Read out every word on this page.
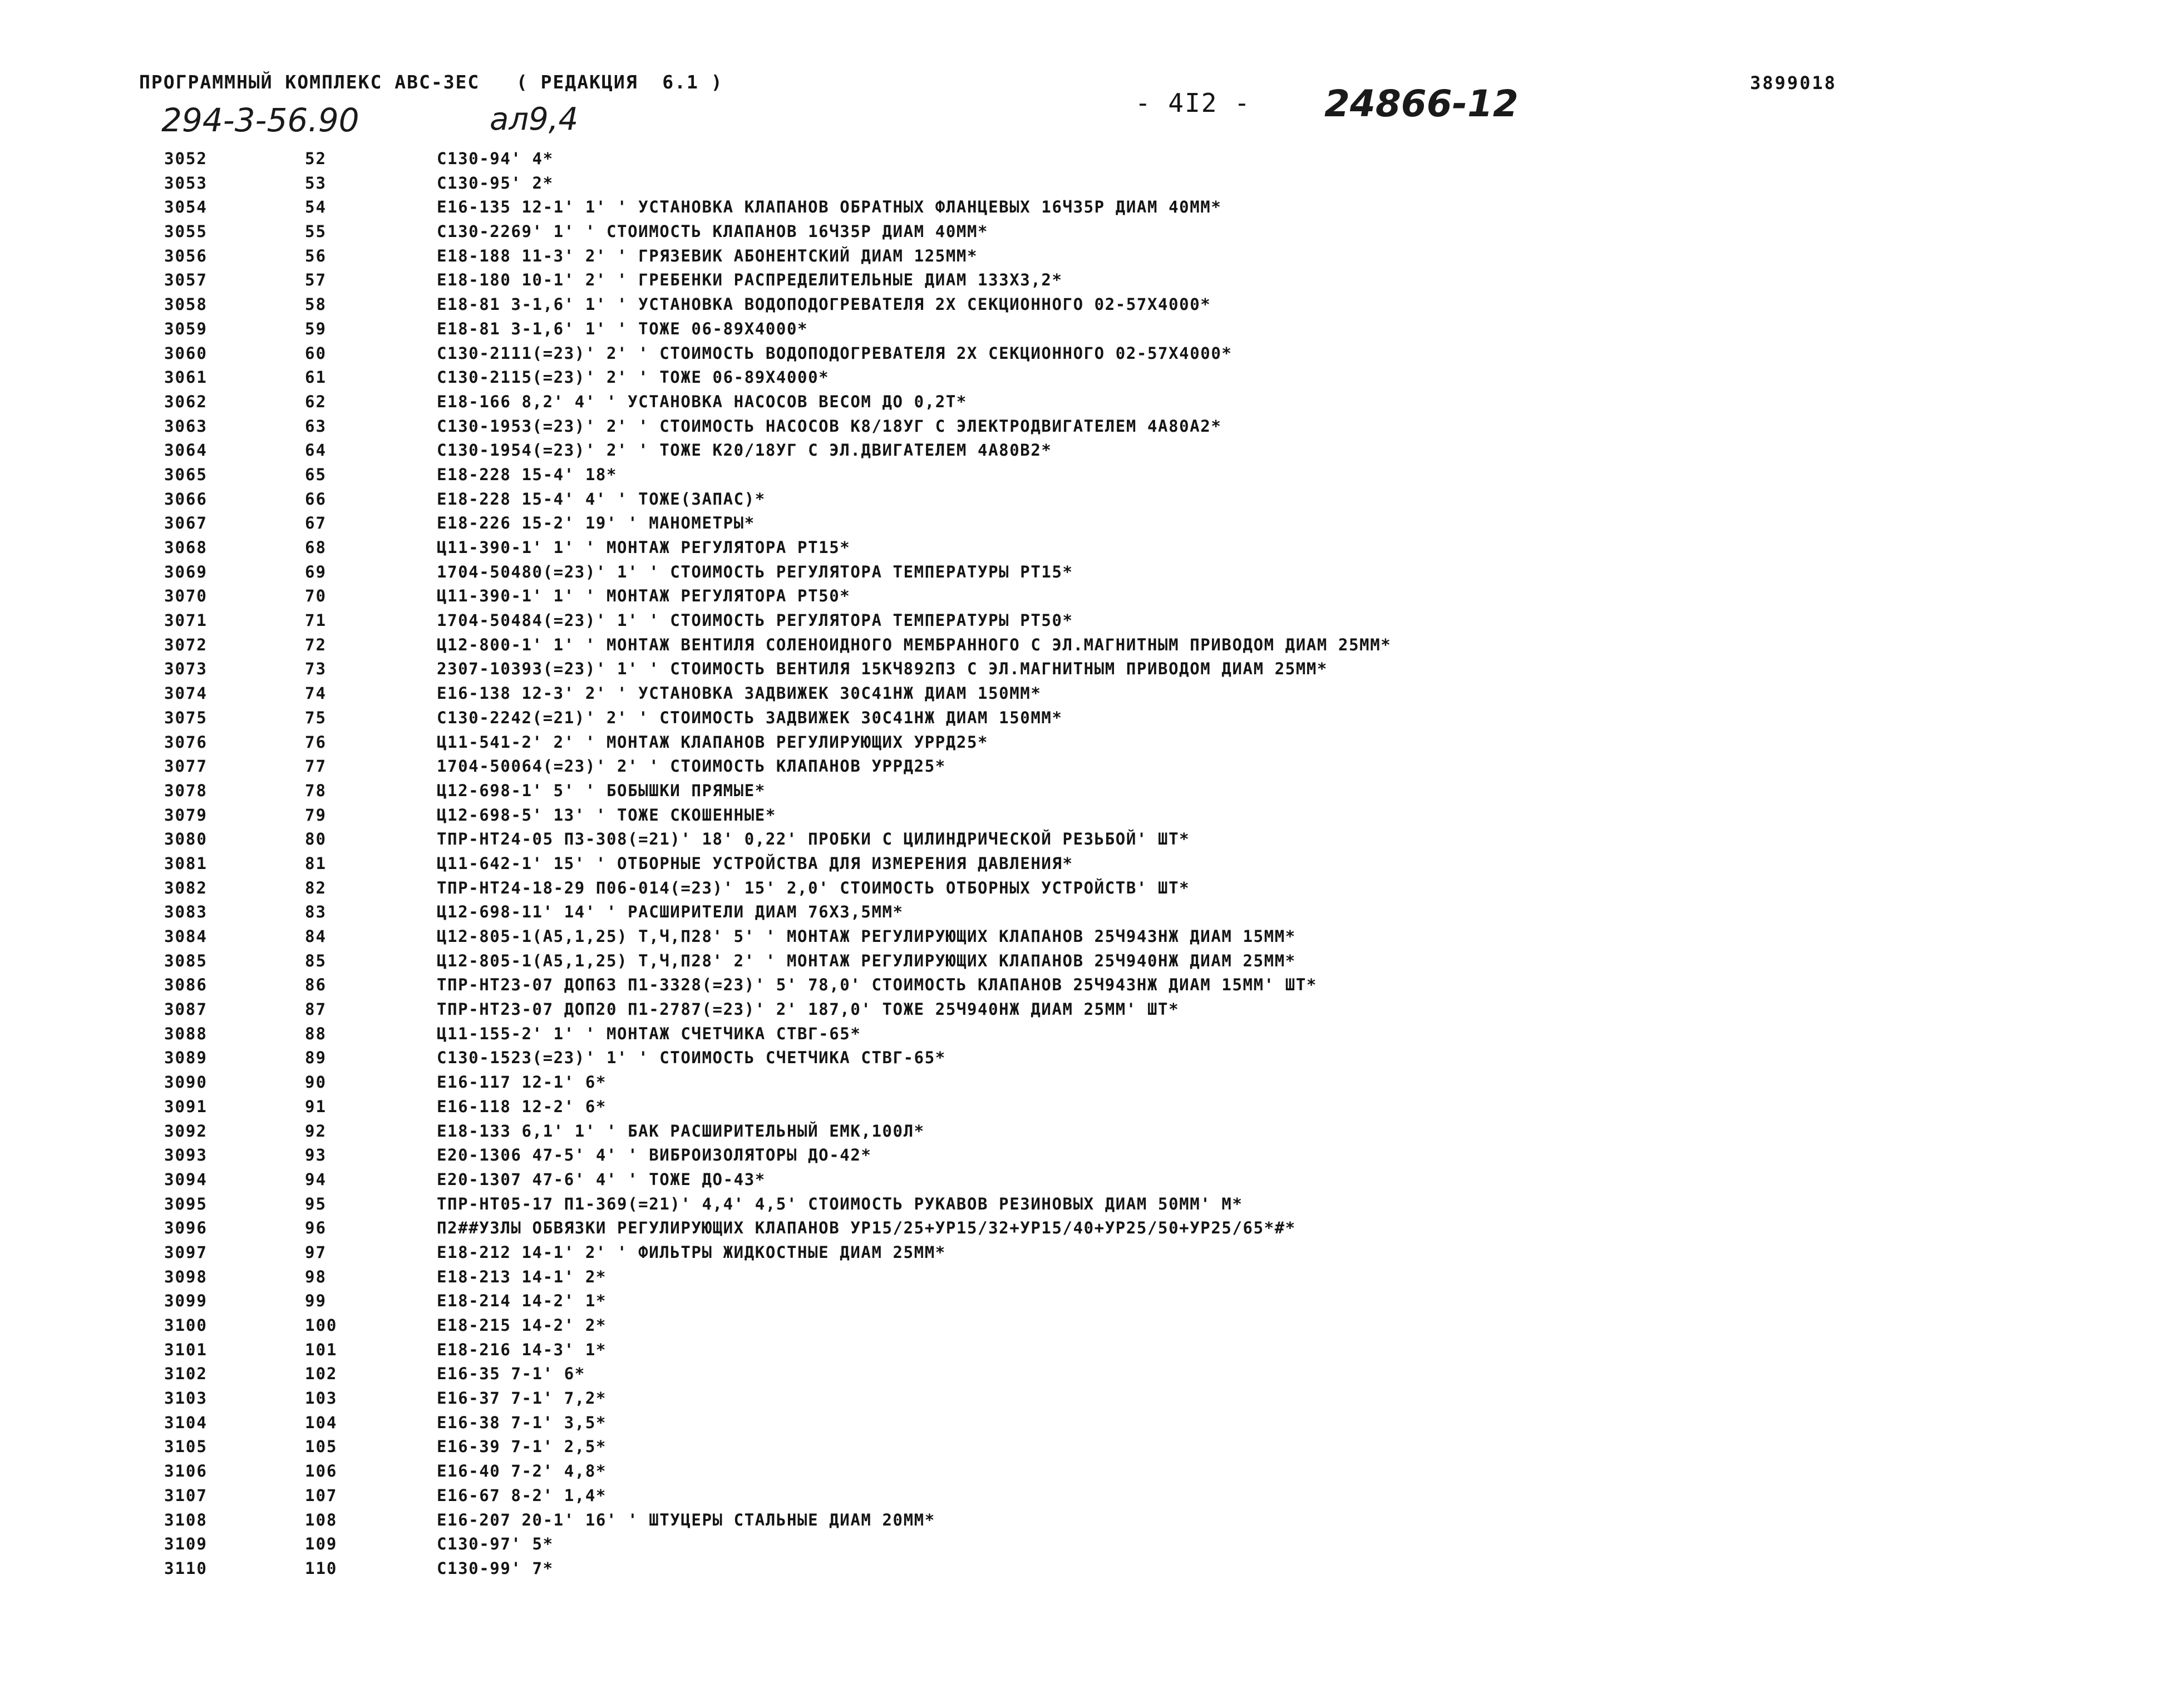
ПРОГРАММНЫЙ КОМПЛЕКС АВС-3ЕС   ( РЕДАКЦИЯ  6.1 )
- 4I2 -
3899018
294-3-56.90	ал9,4	24866-12
3052	52	С130-94' 4*
3053	53	С130-95' 2*
3054	54	Е16-135 12-1' 1' ' УСТАНОВКА КЛАПАНОВ ОБРАТНЫХ ФЛАНЦЕВЫХ 16Ч35Р ДИАМ 40ММ*
3055	55	С130-2269' 1' ' СТОИМОСТЬ КЛАПАНОВ 16Ч35Р ДИАМ 40ММ*
3056	56	Е18-188 11-3' 2' ' ГРЯЗЕВИК АБОНЕНТСКИЙ ДИАМ 125ММ*
3057	57	Е18-180 10-1' 2' ' ГРЕБЕНКИ РАСПРЕДЕЛИТЕЛЬНЫЕ ДИАМ 133Х3,2*
3058	58	Е18-81 3-1,6' 1' ' УСТАНОВКА ВОДОПОДОГРЕВАТЕЛЯ 2Х СЕКЦИОННОГО 02-57Х4000*
3059	59	Е18-81 3-1,6' 1' ' ТОЖЕ 06-89Х4000*
3060	60	С130-2111(=23)' 2' ' СТОИМОСТЬ ВОДОПОДОГРЕВАТЕЛЯ 2Х СЕКЦИОННОГО 02-57Х4000*
3061	61	С130-2115(=23)' 2' ' ТОЖЕ 06-89Х4000*
3062	62	Е18-166 8,2' 4' ' УСТАНОВКА НАСОСОВ ВЕСОМ ДО 0,2Т*
3063	63	С130-1953(=23)' 2' ' СТОИМОСТЬ НАСОСОВ К8/18УГ С ЭЛЕКТРОДВИГАТЕЛЕМ 4А80А2*
3064	64	С130-1954(=23)' 2' ' ТОЖЕ К20/18УГ С ЭЛ.ДВИГАТЕЛЕМ 4А80В2*
3065	65	Е18-228 15-4' 18*
3066	66	Е18-228 15-4' 4' ' ТОЖЕ(ЗАПАС)*
3067	67	Е18-226 15-2' 19' ' МАНОМЕТРЫ*
3068	68	Ц11-390-1' 1' ' МОНТАЖ РЕГУЛЯТОРА РТ15*
3069	69	1704-50480(=23)' 1' ' СТОИМОСТЬ РЕГУЛЯТОРА ТЕМПЕРАТУРЫ РТ15*
3070	70	Ц11-390-1' 1' ' МОНТАЖ РЕГУЛЯТОРА РТ50*
3071	71	1704-50484(=23)' 1' ' СТОИМОСТЬ РЕГУЛЯТОРА ТЕМПЕРАТУРЫ РТ50*
3072	72	Ц12-800-1' 1' ' МОНТАЖ ВЕНТИЛЯ СОЛЕНОИДНОГО МЕМБРАННОГО С ЭЛ.МАГНИТНЫМ ПРИВОДОМ ДИАМ 25ММ*
3073	73	2307-10393(=23)' 1' ' СТОИМОСТЬ ВЕНТИЛЯ 15КЧ892П3 С ЭЛ.МАГНИТНЫМ ПРИВОДОМ ДИАМ 25ММ*
3074	74	Е16-138 12-3' 2' ' УСТАНОВКА ЗАДВИЖЕК 30С41НЖ ДИАМ 150ММ*
3075	75	С130-2242(=21)' 2' ' СТОИМОСТЬ ЗАДВИЖЕК 30С41НЖ ДИАМ 150ММ*
3076	76	Ц11-541-2' 2' ' МОНТАЖ КЛАПАНОВ РЕГУЛИРУЮЩИХ УРРД25*
3077	77	1704-50064(=23)' 2' ' СТОИМОСТЬ КЛАПАНОВ УРРД25*
3078	78	Ц12-698-1' 5' ' БОБЫШКИ ПРЯМЫЕ*
3079	79	Ц12-698-5' 13' ' ТОЖЕ СКОШЕННЫЕ*
3080	80	ТПР-НТ24-05 П3-308(=21)' 18' 0,22' ПРОБКИ С ЦИЛИНДРИЧЕСКОЙ РЕЗЬБОЙ' ШТ*
3081	81	Ц11-642-1' 15' ' ОТБОРНЫЕ УСТРОЙСТВА ДЛЯ ИЗМЕРЕНИЯ ДАВЛЕНИЯ*
3082	82	ТПР-НТ24-18-29 П06-014(=23)' 15' 2,0' СТОИМОСТЬ ОТБОРНЫХ УСТРОЙСТВ' ШТ*
3083	83	Ц12-698-11' 14' ' РАСШИРИТЕЛИ ДИАМ 76Х3,5ММ*
3084	84	Ц12-805-1(А5,1,25) Т,Ч,П28' 5' ' МОНТАЖ РЕГУЛИРУЮЩИХ КЛАПАНОВ 25Ч943НЖ ДИАМ 15ММ*
3085	85	Ц12-805-1(А5,1,25) Т,Ч,П28' 2' ' МОНТАЖ РЕГУЛИРУЮЩИХ КЛАПАНОВ 25Ч940НЖ ДИАМ 25ММ*
3086	86	ТПР-НТ23-07 ДОП63 П1-3328(=23)' 5' 78,0' СТОИМОСТЬ КЛАПАНОВ 25Ч943НЖ ДИАМ 15ММ' ШТ*
3087	87	ТПР-НТ23-07 ДОП20 П1-2787(=23)' 2' 187,0' ТОЖЕ 25Ч940НЖ ДИАМ 25ММ' ШТ*
3088	88	Ц11-155-2' 1' ' МОНТАЖ СЧЕТЧИКА СТВГ-65*
3089	89	С130-1523(=23)' 1' ' СТОИМОСТЬ СЧЕТЧИКА СТВГ-65*
3090	90	Е16-117 12-1' 6*
3091	91	Е16-118 12-2' 6*
3092	92	Е18-133 6,1' 1' ' БАК РАСШИРИТЕЛЬНЫЙ ЕМК,100Л*
3093	93	Е20-1306 47-5' 4' ' ВИБРОИЗОЛЯТОРЫ ДО-42*
3094	94	Е20-1307 47-6' 4' ' ТОЖЕ ДО-43*
3095	95	ТПР-НТ05-17 П1-369(=21)' 4,4' 4,5' СТОИМОСТЬ РУКАВОВ РЕЗИНОВЫХ ДИАМ 50ММ' М*
3096	96	П2##УЗЛЫ ОБВЯЗКИ РЕГУЛИРУЮЩИХ КЛАПАНОВ УР15/25+УР15/32+УР15/40+УР25/50+УР25/65*#*
3097	97	Е18-212 14-1' 2' ' ФИЛЬТРЫ ЖИДКОСТНЫЕ ДИАМ 25ММ*
3098	98	Е18-213 14-1' 2*
3099	99	Е18-214 14-2' 1*
3100	100	Е18-215 14-2' 2*
3101	101	Е18-216 14-3' 1*
3102	102	Е16-35 7-1' 6*
3103	103	Е16-37 7-1' 7,2*
3104	104	Е16-38 7-1' 3,5*
3105	105	Е16-39 7-1' 2,5*
3106	106	Е16-40 7-2' 4,8*
3107	107	Е16-67 8-2' 1,4*
3108	108	Е16-207 20-1' 16' ' ШТУЦЕРЫ СТАЛЬНЫЕ ДИАМ 20ММ*
3109	109	С130-97' 5*
3110	110	С130-99' 7*
